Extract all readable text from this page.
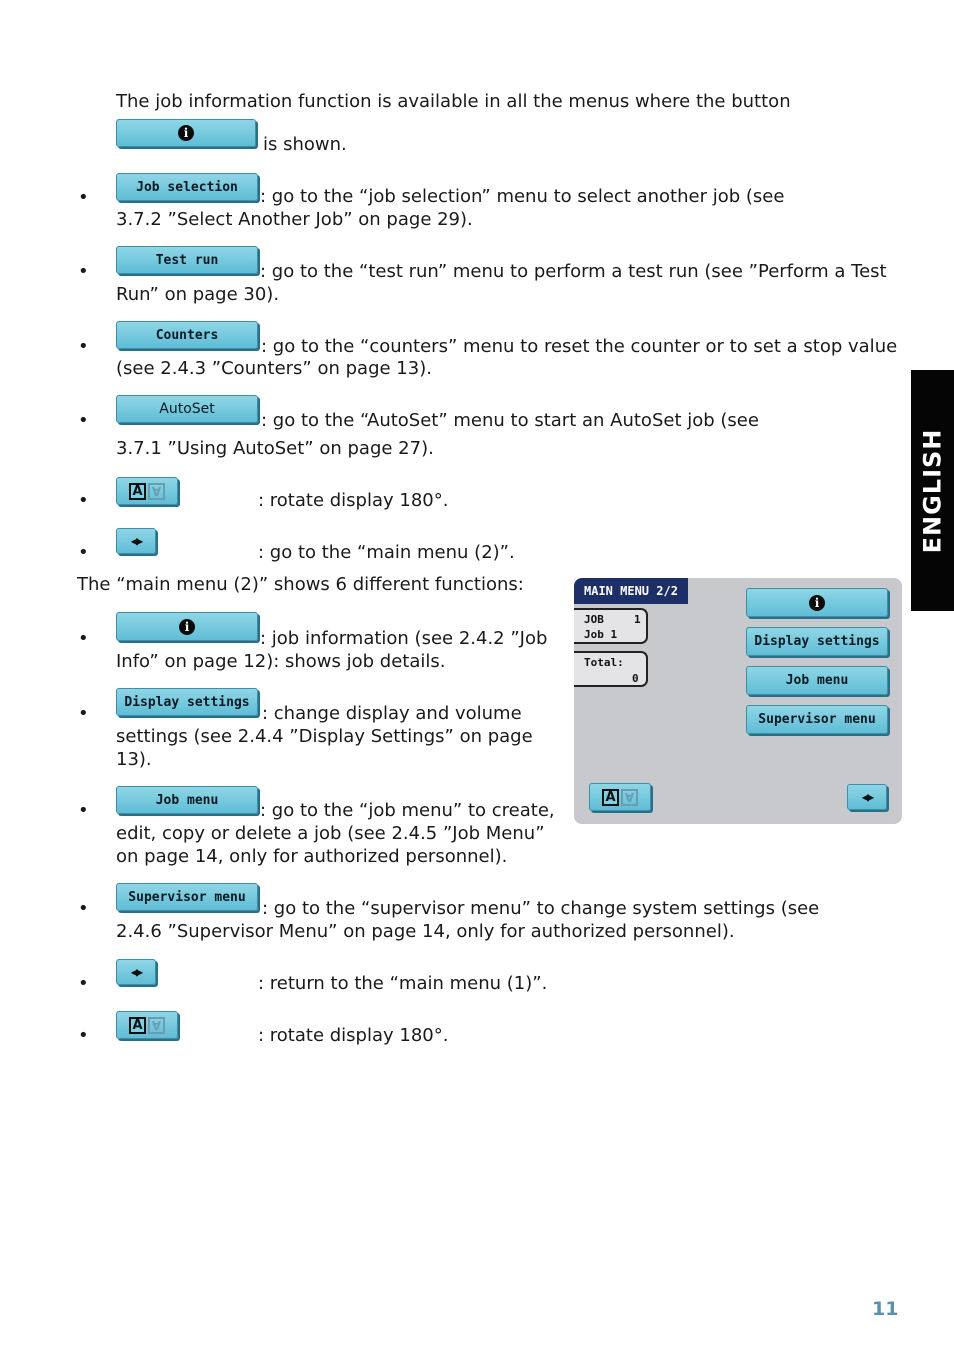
The job information function is available in all the menus where the button
i
is shown.
•	Job selection	: go to the “job selection” menu to select another job (see
3.7.2 ”Select Another Job” on page 29).
•
Test run
: go to the “test run” menu to perform a test run (see ”Perform a Test
Run” on page 30).
•
Counters
: go to the “counters” menu to reset the counter or to set a stop value
(see 2.4.3 ”Counters” on page 13).
•
AutoSet
: go to the “AutoSet” menu to start an AutoSet job (see
3.7.1 ”Using AutoSet” on page 27).
•	A A	: rotate display 180°.
•
◀▶
: go to the “main menu (2)”.
The “main menu (2)” shows 6 different functions:
•
i
: job information (see 2.4.2 ”Job
Info” on page 12): shows job details.
•
Display settings
: change display and volume
settings (see 2.4.4 ”Display Settings” on page
13).
•	Job menu	: go to the “job menu” to create,
edit, copy or delete a job (see 2.4.5 ”Job Menu”
on page 14, only for authorized personnel).
•
Supervisor menu
: go to the “supervisor menu” to change system settings (see
2.4.6 ”Supervisor Menu” on page 14, only for authorized personnel).
•
◀▶
: return to the “main menu (1)”.
•	A A	: rotate display 180°.
MAIN MENU 2/2
JOB	1
Job 1
Total:
0
i
Display settings
Job menu
Supervisor menu
A A	◀▶
ENGLISH
11
